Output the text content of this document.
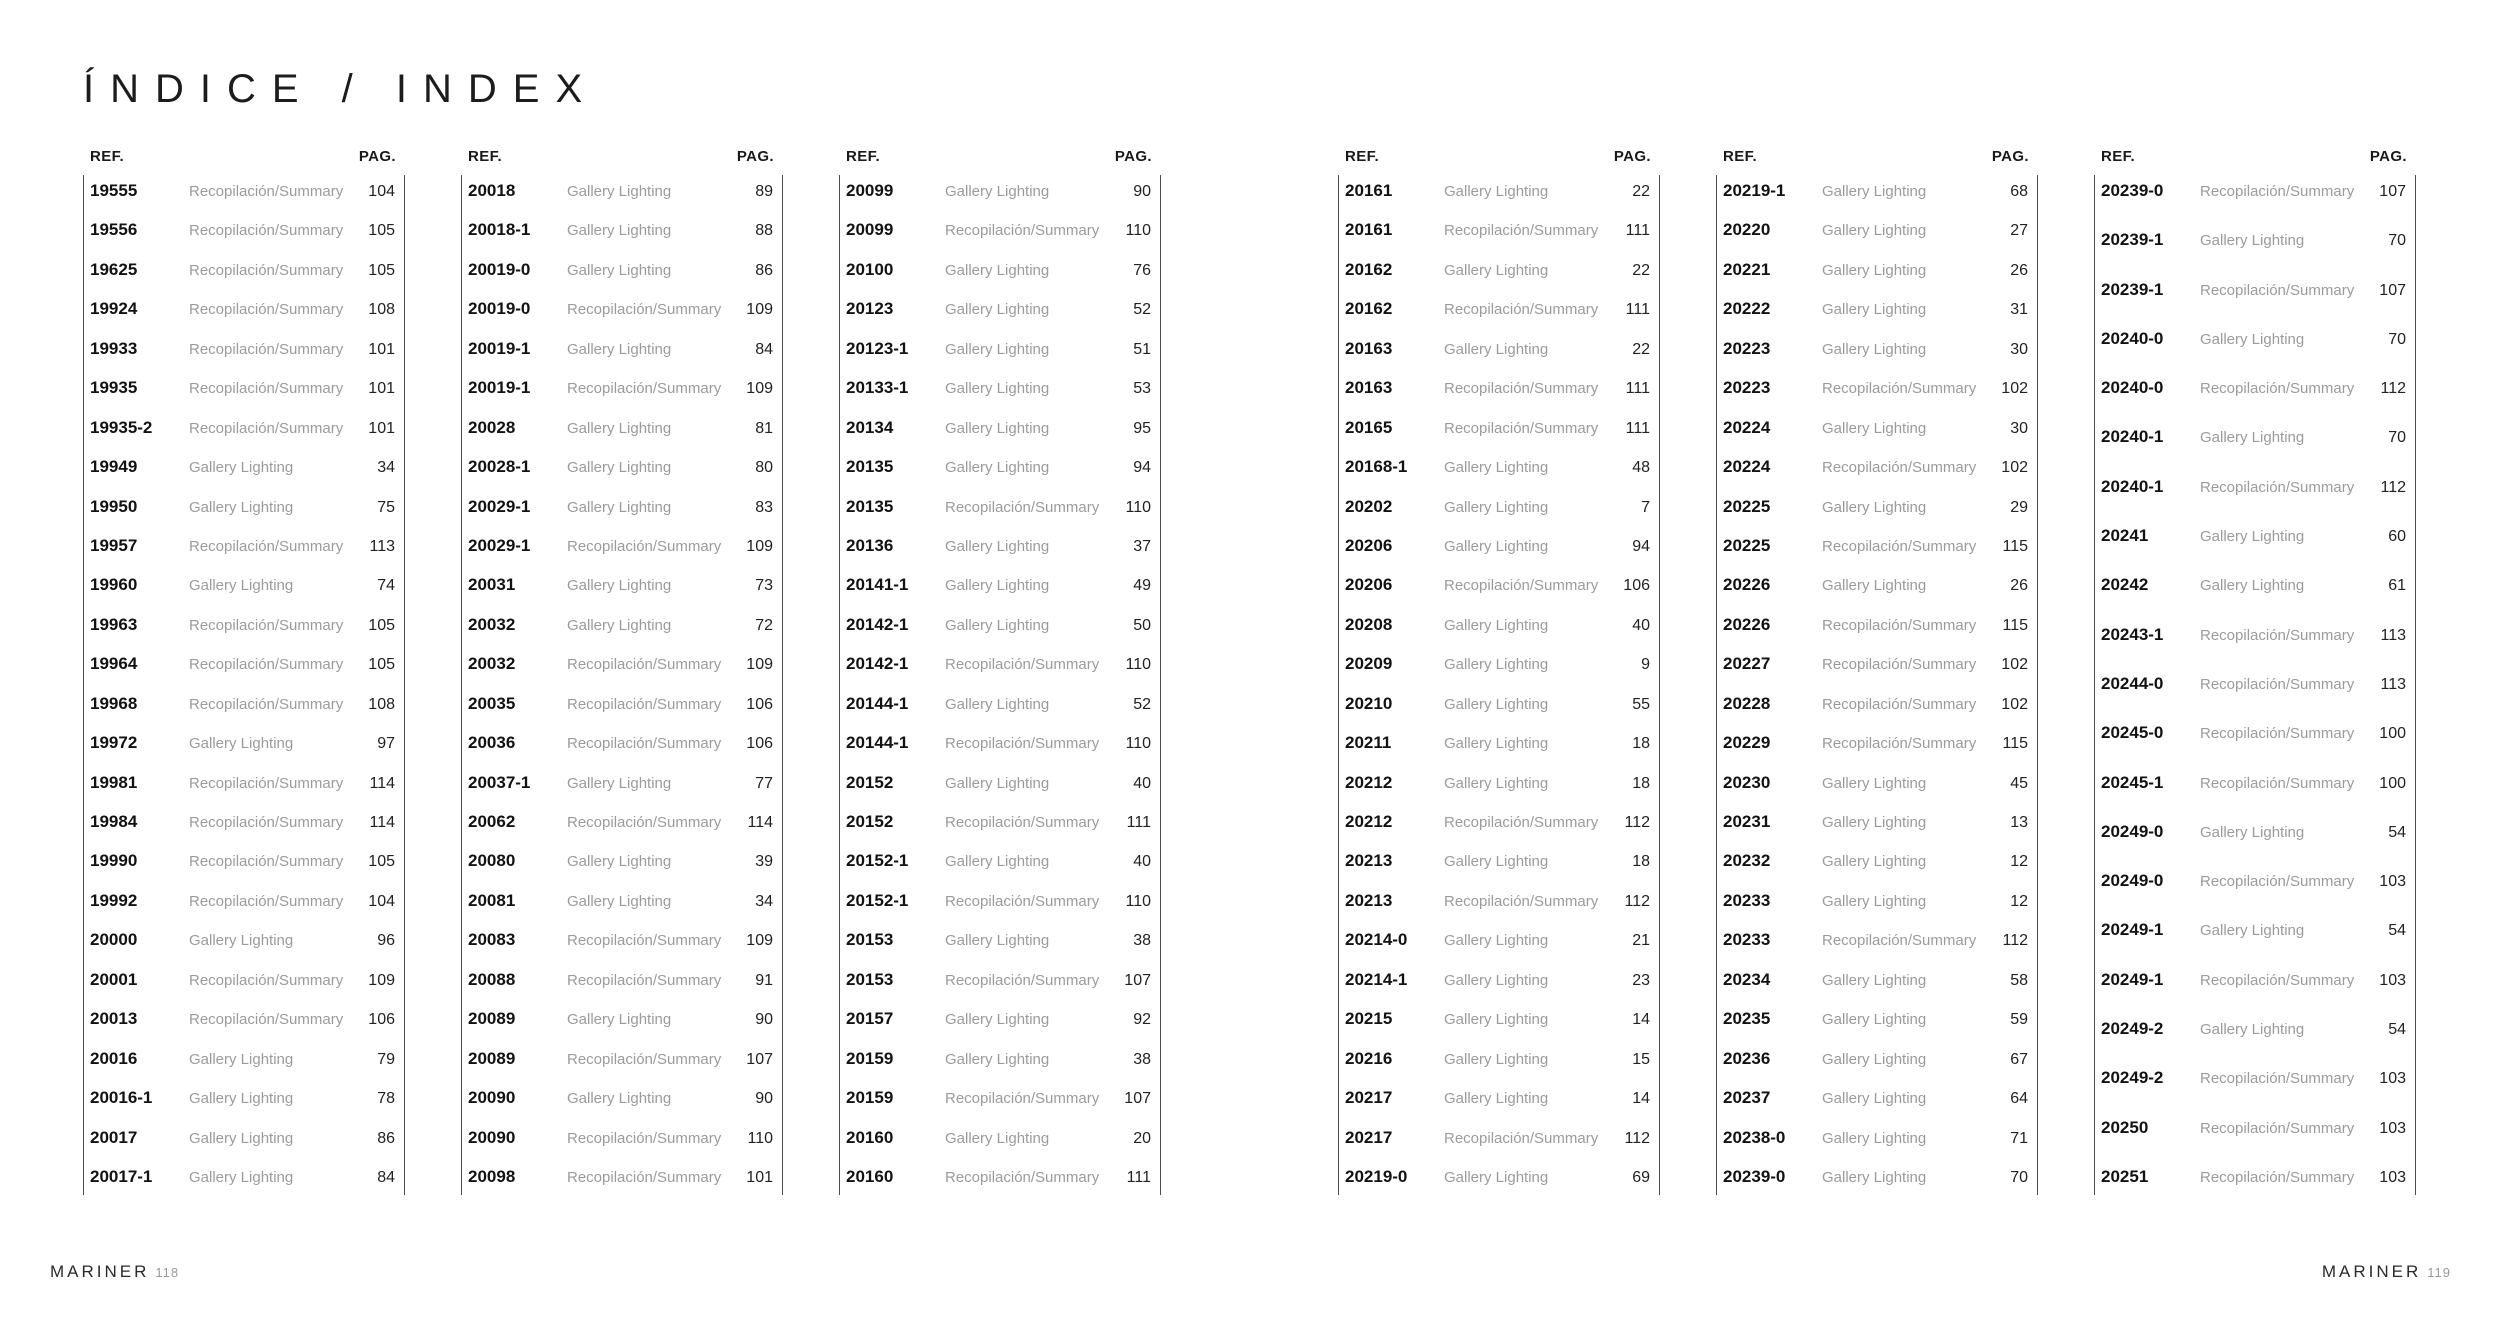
ÍNDICE / INDEX
REF.	PAG.
19555	Recopilación/Summary	104
19556	Recopilación/Summary	105
19625	Recopilación/Summary	105
19924	Recopilación/Summary	108
19933	Recopilación/Summary	101
19935	Recopilación/Summary	101
19935-2	Recopilación/Summary	101
19949	Gallery Lighting	34
19950	Gallery Lighting	75
19957	Recopilación/Summary	113
19960	Gallery Lighting	74
19963	Recopilación/Summary	105
19964	Recopilación/Summary	105
19968	Recopilación/Summary	108
19972	Gallery Lighting	97
19981	Recopilación/Summary	114
19984	Recopilación/Summary	114
19990	Recopilación/Summary	105
19992	Recopilación/Summary	104
20000	Gallery Lighting	96
20001	Recopilación/Summary	109
20013	Recopilación/Summary	106
20016	Gallery Lighting	79
20016-1	Gallery Lighting	78
20017	Gallery Lighting	86
20017-1	Gallery Lighting	84
REF.	PAG.
20018	Gallery Lighting	89
20018-1	Gallery Lighting	88
20019-0	Gallery Lighting	86
20019-0	Recopilación/Summary	109
20019-1	Gallery Lighting	84
20019-1	Recopilación/Summary	109
20028	Gallery Lighting	81
20028-1	Gallery Lighting	80
20029-1	Gallery Lighting	83
20029-1	Recopilación/Summary	109
20031	Gallery Lighting	73
20032	Gallery Lighting	72
20032	Recopilación/Summary	109
20035	Recopilación/Summary	106
20036	Recopilación/Summary	106
20037-1	Gallery Lighting	77
20062	Recopilación/Summary	114
20080	Gallery Lighting	39
20081	Gallery Lighting	34
20083	Recopilación/Summary	109
20088	Recopilación/Summary	91
20089	Gallery Lighting	90
20089	Recopilación/Summary	107
20090	Gallery Lighting	90
20090	Recopilación/Summary	110
20098	Recopilación/Summary	101
REF.	PAG.
20099	Gallery Lighting	90
20099	Recopilación/Summary	110
20100	Gallery Lighting	76
20123	Gallery Lighting	52
20123-1	Gallery Lighting	51
20133-1	Gallery Lighting	53
20134	Gallery Lighting	95
20135	Gallery Lighting	94
20135	Recopilación/Summary	110
20136	Gallery Lighting	37
20141-1	Gallery Lighting	49
20142-1	Gallery Lighting	50
20142-1	Recopilación/Summary	110
20144-1	Gallery Lighting	52
20144-1	Recopilación/Summary	110
20152	Gallery Lighting	40
20152	Recopilación/Summary	111
20152-1	Gallery Lighting	40
20152-1	Recopilación/Summary	110
20153	Gallery Lighting	38
20153	Recopilación/Summary	107
20157	Gallery Lighting	92
20159	Gallery Lighting	38
20159	Recopilación/Summary	107
20160	Gallery Lighting	20
20160	Recopilación/Summary	111
REF.	PAG.
20161	Gallery Lighting	22
20161	Recopilación/Summary	111
20162	Gallery Lighting	22
20162	Recopilación/Summary	111
20163	Gallery Lighting	22
20163	Recopilación/Summary	111
20165	Recopilación/Summary	111
20168-1	Gallery Lighting	48
20202	Gallery Lighting	7
20206	Gallery Lighting	94
20206	Recopilación/Summary	106
20208	Gallery Lighting	40
20209	Gallery Lighting	9
20210	Gallery Lighting	55
20211	Gallery Lighting	18
20212	Gallery Lighting	18
20212	Recopilación/Summary	112
20213	Gallery Lighting	18
20213	Recopilación/Summary	112
20214-0	Gallery Lighting	21
20214-1	Gallery Lighting	23
20215	Gallery Lighting	14
20216	Gallery Lighting	15
20217	Gallery Lighting	14
20217	Recopilación/Summary	112
20219-0	Gallery Lighting	69
REF.	PAG.
20219-1	Gallery Lighting	68
20220	Gallery Lighting	27
20221	Gallery Lighting	26
20222	Gallery Lighting	31
20223	Gallery Lighting	30
20223	Recopilación/Summary	102
20224	Gallery Lighting	30
20224	Recopilación/Summary	102
20225	Gallery Lighting	29
20225	Recopilación/Summary	115
20226	Gallery Lighting	26
20226	Recopilación/Summary	115
20227	Recopilación/Summary	102
20228	Recopilación/Summary	102
20229	Recopilación/Summary	115
20230	Gallery Lighting	45
20231	Gallery Lighting	13
20232	Gallery Lighting	12
20233	Gallery Lighting	12
20233	Recopilación/Summary	112
20234	Gallery Lighting	58
20235	Gallery Lighting	59
20236	Gallery Lighting	67
20237	Gallery Lighting	64
20238-0	Gallery Lighting	71
20239-0	Gallery Lighting	70
REF.	PAG.
20239-0	Recopilación/Summary	107
20239-1	Gallery Lighting	70
20239-1	Recopilación/Summary	107
20240-0	Gallery Lighting	70
20240-0	Recopilación/Summary	112
20240-1	Gallery Lighting	70
20240-1	Recopilación/Summary	112
20241	Gallery Lighting	60
20242	Gallery Lighting	61
20243-1	Recopilación/Summary	113
20244-0	Recopilación/Summary	113
20245-0	Recopilación/Summary	100
20245-1	Recopilación/Summary	100
20249-0	Gallery Lighting	54
20249-0	Recopilación/Summary	103
20249-1	Gallery Lighting	54
20249-1	Recopilación/Summary	103
20249-2	Gallery Lighting	54
20249-2	Recopilación/Summary	103
20250	Recopilación/Summary	103
20251	Recopilación/Summary	103
MARINER 118	MARINER 119
